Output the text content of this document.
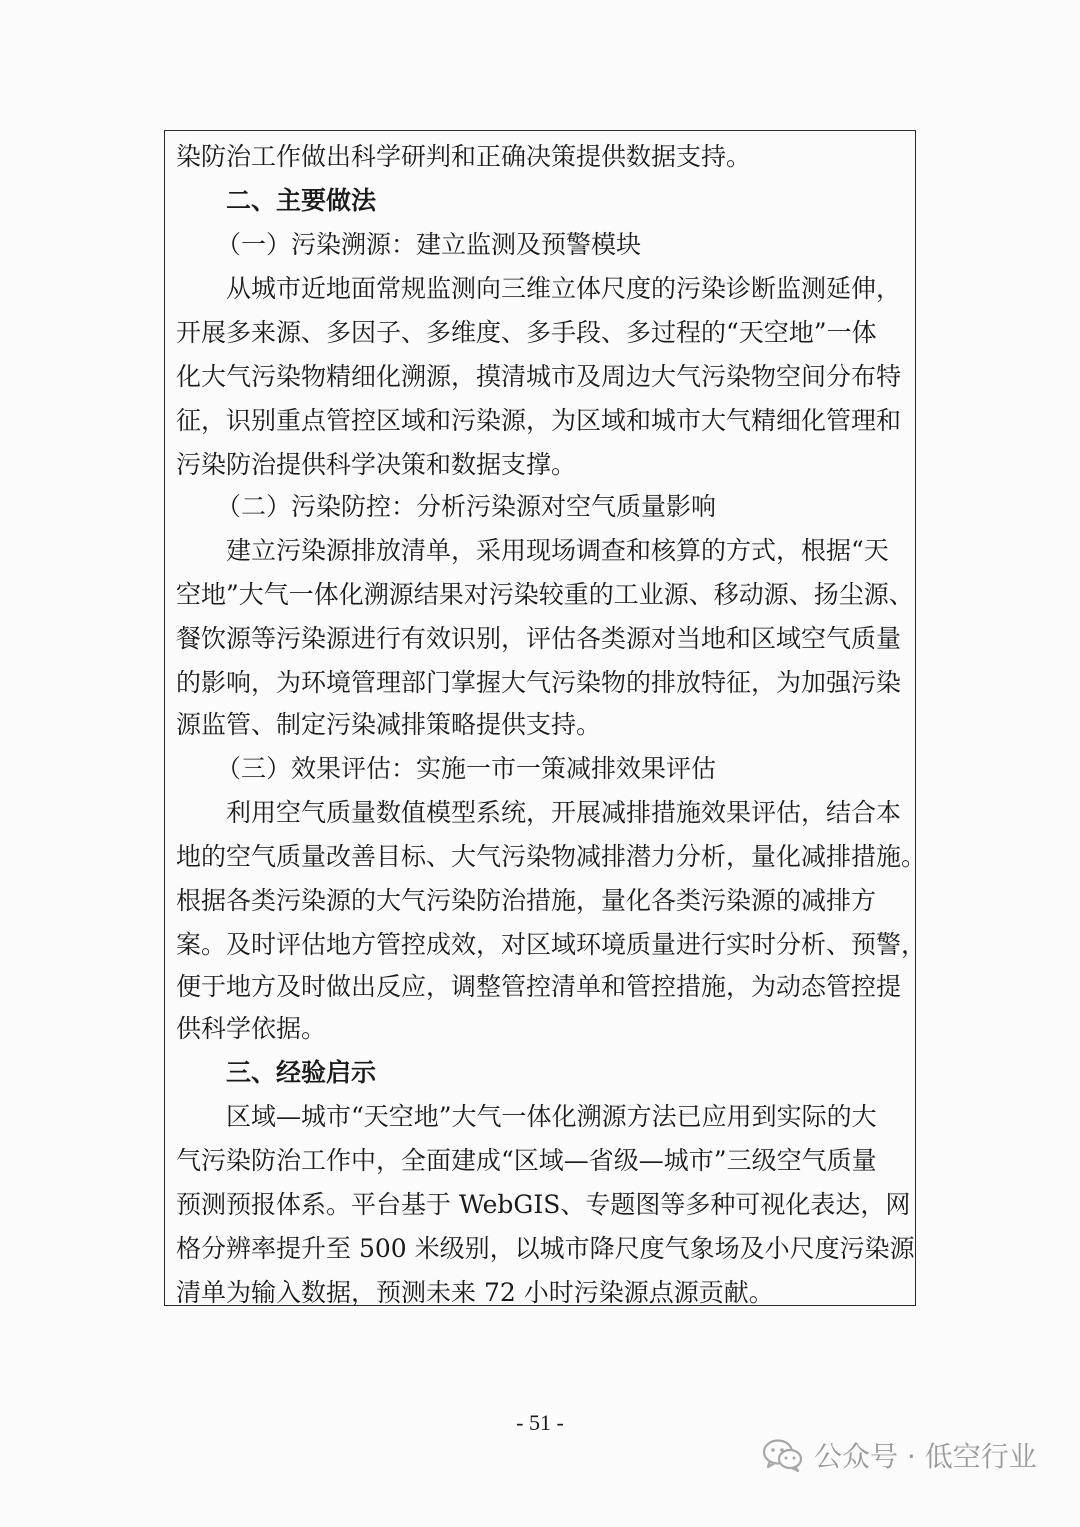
染防治工作做出科学研判和正确决策提供数据支持。
二、主要做法
（一）污染溯源：建立监测及预警模块
从城市近地面常规监测向三维立体尺度的污染诊断监测延伸，
开展多来源、多因子、多维度、多手段、多过程的“天空地”一体
化大气污染物精细化溯源，摸清城市及周边大气污染物空间分布特
征，识别重点管控区域和污染源，为区域和城市大气精细化管理和
污染防治提供科学决策和数据支撑。
（二）污染防控：分析污染源对空气质量影响
建立污染源排放清单，采用现场调查和核算的方式，根据“天
空地”大气一体化溯源结果对污染较重的工业源、移动源、扬尘源、
餐饮源等污染源进行有效识别，评估各类源对当地和区域空气质量
的影响，为环境管理部门掌握大气污染物的排放特征，为加强污染
源监管、制定污染减排策略提供支持。
（三）效果评估：实施一市一策减排效果评估
利用空气质量数值模型系统，开展减排措施效果评估，结合本
地的空气质量改善目标、大气污染物减排潜力分析，量化减排措施。
根据各类污染源的大气污染防治措施，量化各类污染源的减排方
案。及时评估地方管控成效，对区域环境质量进行实时分析、预警，
便于地方及时做出反应，调整管控清单和管控措施，为动态管控提
供科学依据。
三、经验启示
区域—城市“天空地”大气一体化溯源方法已应用到实际的大
气污染防治工作中，全面建成“区域—省级—城市”三级空气质量
预测预报体系。平台基于 WebGIS、专题图等多种可视化表达，网
格分辨率提升至 500 米级别，以城市降尺度气象场及小尺度污染源
清单为输入数据，预测未来 72 小时污染源点源贡献。
- 51 -
公众号 · 低空行业
